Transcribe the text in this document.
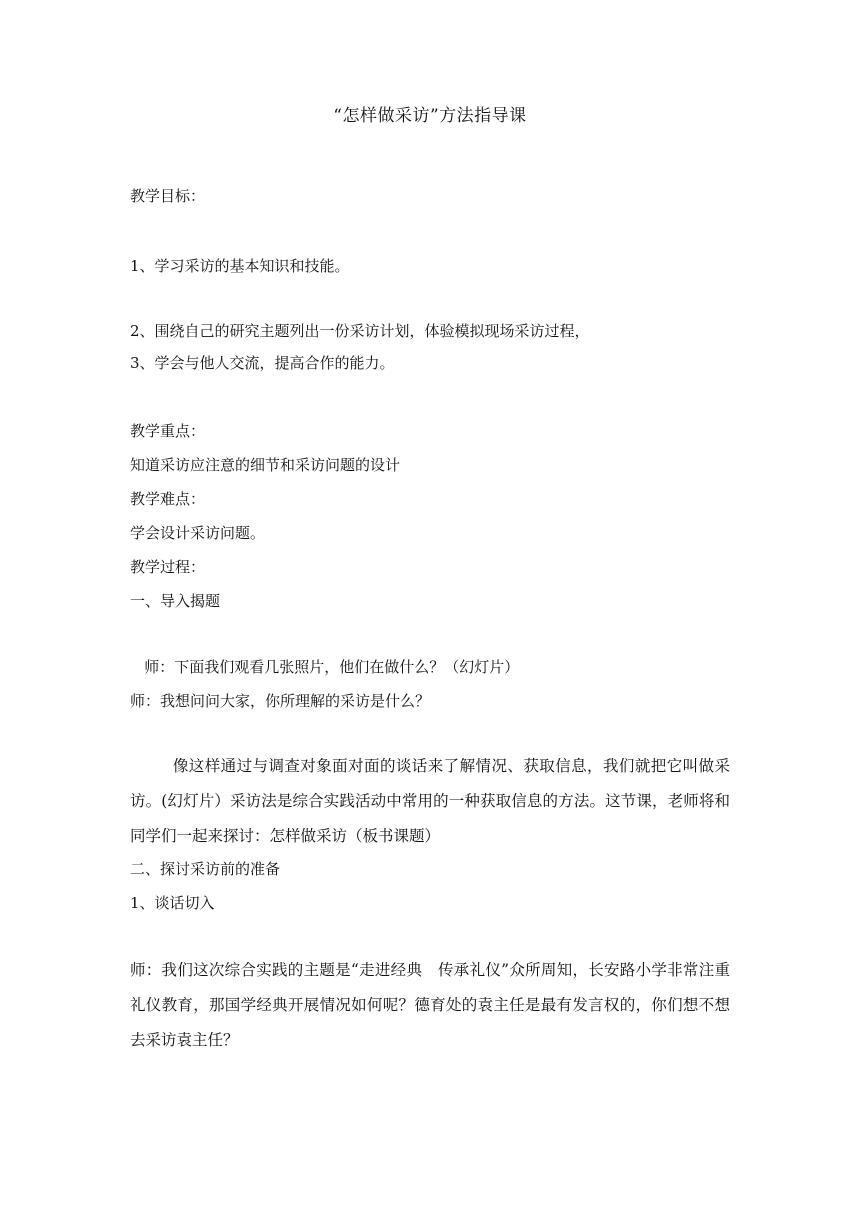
“怎样做采访”方法指导课
教学目标：
1、学习采访的基本知识和技能。
2、围绕自己的研究主题列出一份采访计划，体验模拟现场采访过程，
3、学会与他人交流，提高合作的能力。
教学重点：
知道采访应注意的细节和采访问题的设计
教学难点：
学会设计采访问题。
教学过程：
一、导入揭题
师：下面我们观看几张照片，他们在做什么？（幻灯片）
师：我想问问大家，你所理解的采访是什么？
像这样通过与调查对象面对面的谈话来了解情况、获取信息，我们就把它叫做采访。(幻灯片）采访法是综合实践活动中常用的一种获取信息的方法。这节课，老师将和同学们一起来探讨：怎样做采访（板书课题）
二、探讨采访前的准备
1、谈话切入
师：我们这次综合实践的主题是“走进经典　传承礼仪”众所周知，长安路小学非常注重礼仪教育，那国学经典开展情况如何呢？德育处的袁主任是最有发言权的，你们想不想去采访袁主任？
